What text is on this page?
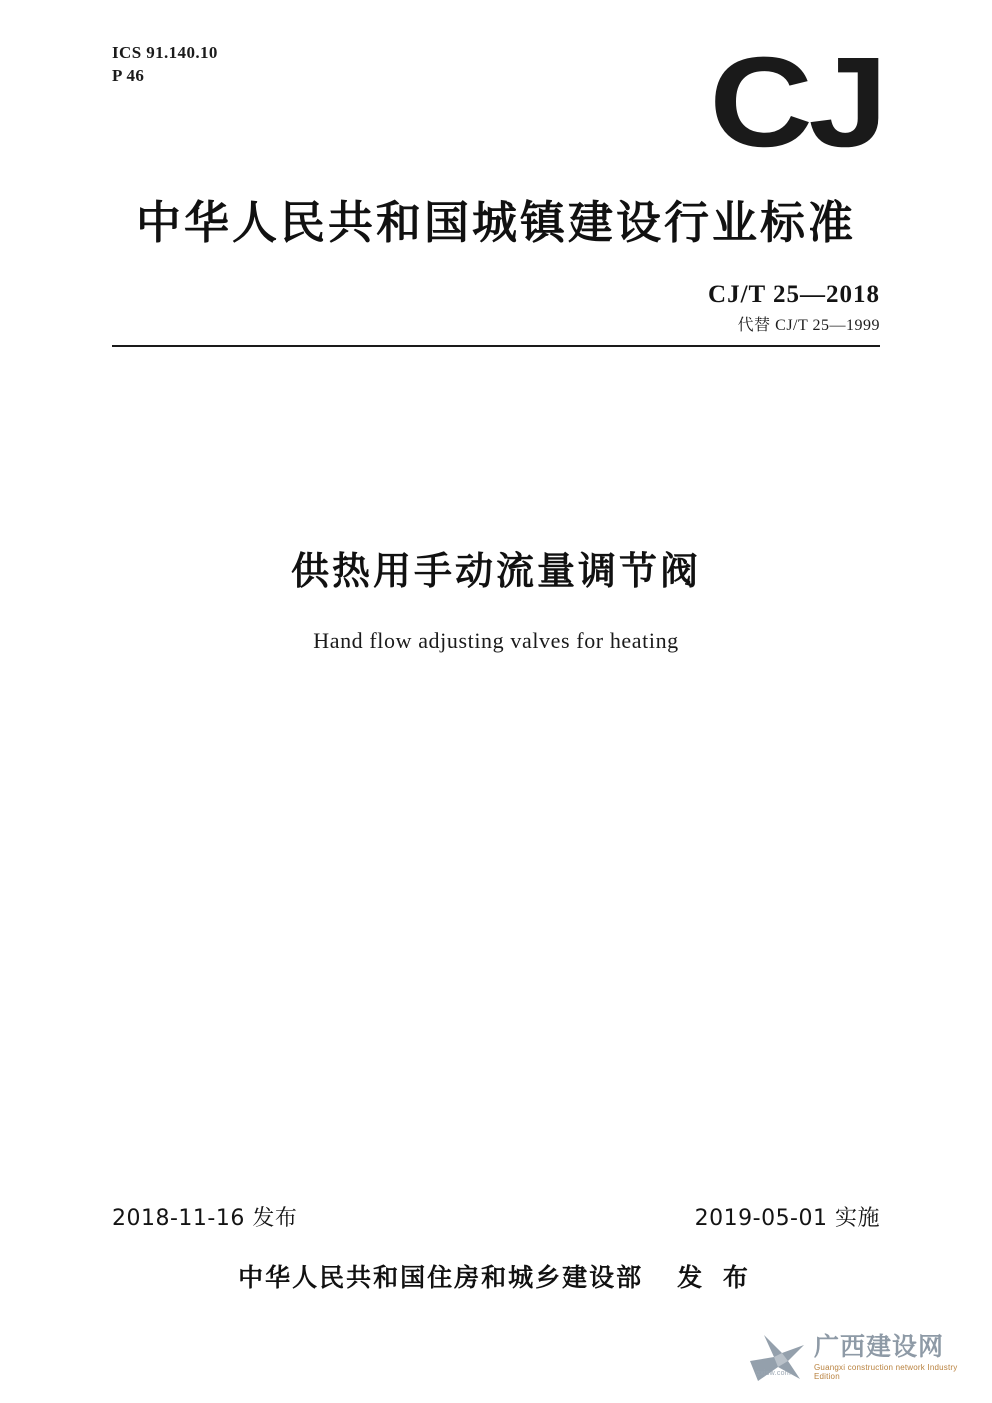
ICS 91.140.10
P 46	CJ
中华人民共和国城镇建设行业标准
CJ/T 25—2018
代替 CJ/T 25—1999
供热用手动流量调节阀
Hand flow adjusting valves for heating
2018-11-16 发布	2019-05-01 实施
中华人民共和国住房和城乡建设部 发 布
gxjsw.com
广西建设网
Guangxi construction network Industry Edition
